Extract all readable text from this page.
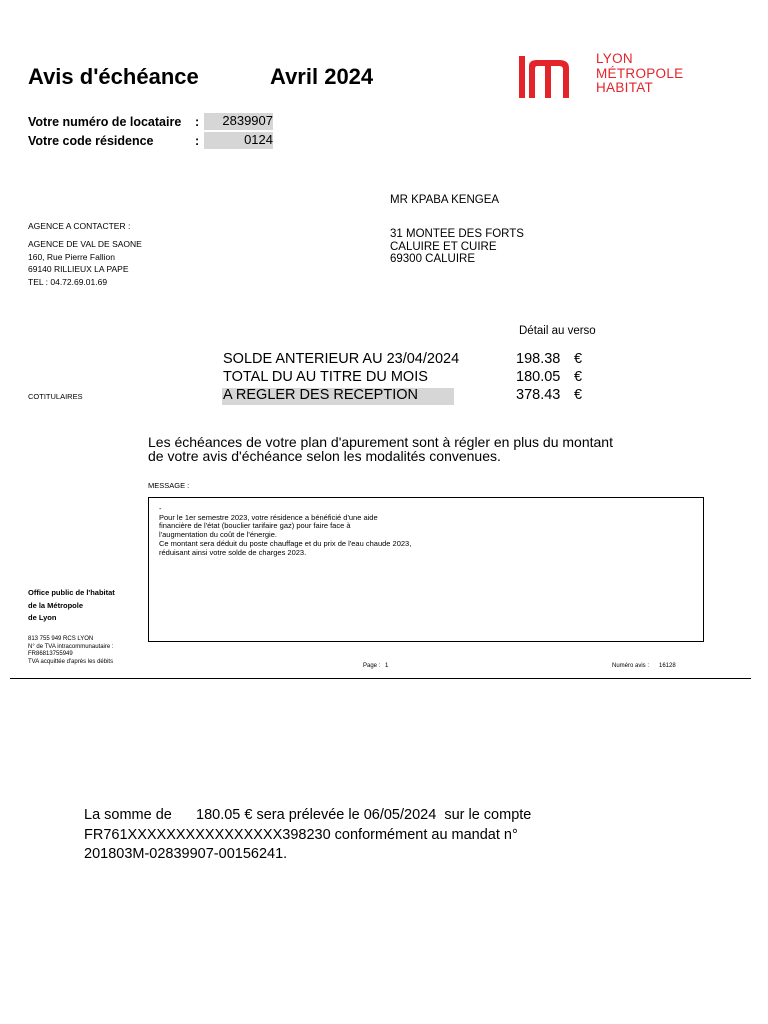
Avis d'échéance	Avril 2024
LYON
MÉTROPOLE
HABITAT
Votre numéro de locataire :	2839907
Votre code résidence	:	0124
MR KPABA KENGEA
31 MONTEE DES FORTS
CALUIRE ET CUIRE
69300 CALUIRE
AGENCE A CONTACTER :
AGENCE DE VAL DE SAONE
160, Rue Pierre Fallion
69140 RILLIEUX LA PAPE
TEL : 04.72.69.01.69
Détail au verso
SOLDE ANTERIEUR AU 23/04/2024	198.38 €
TOTAL DU AU TITRE DU MOIS	180.05 €
A REGLER DES RECEPTION	378.43 €
COTITULAIRES
Les échéances de votre plan d'apurement sont à régler en plus du montant
de votre avis d'échéance selon les modalités convenues.
MESSAGE :
-
Pour le 1er semestre 2023, votre résidence a bénéficié d'une aide
financière de l'état (bouclier tarifaire gaz) pour faire face à
l'augmentation du coût de l'énergie.
Ce montant sera déduit du poste chauffage et du prix de l'eau chaude 2023,
réduisant ainsi votre solde de charges 2023.
Office public de l'habitat
de la Métropole
de Lyon
813 755 949 RCS LYON
N° de TVA intracommunautaire :
FR86813755949
TVA acquittée d'après les débits
Page : 1	Numéro avis : 16128
La somme de      180.05 € sera prélevée le 06/05/2024  sur le compte
FR761XXXXXXXXXXXXXXXX398230 conformément au mandat n°
201803M-02839907-00156241.
